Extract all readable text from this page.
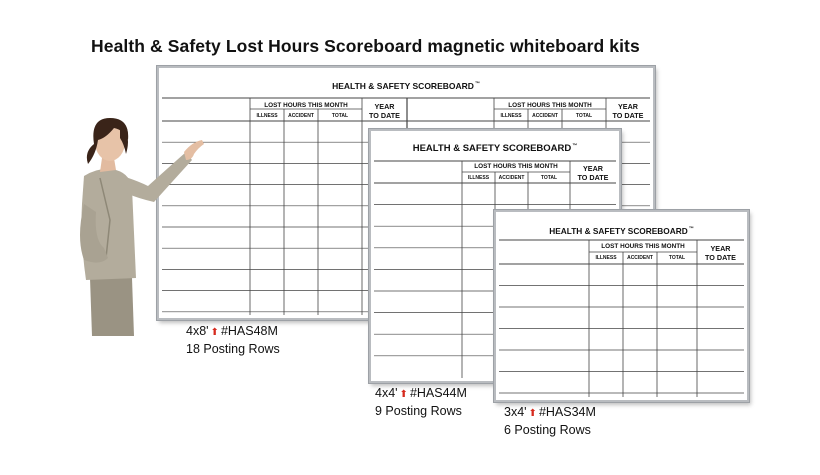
Health & Safety Lost Hours Scoreboard magnetic whiteboard kits
HEALTH & SAFETY SCOREBOARD™
LOST HOURS THIS MONTH
ILLNESS	ACCIDENT	TOTAL
YEAR
TO DATE
LOST HOURS THIS MONTH
ILLNESS	ACCIDENT	TOTAL
YEAR
TO DATE
HEALTH & SAFETY SCOREBOARD™
LOST HOURS THIS MONTH
ILLNESS	ACCIDENT	TOTAL
YEAR
TO DATE
HEALTH & SAFETY SCOREBOARD™
LOST HOURS THIS MONTH
ILLNESS	ACCIDENT	TOTAL
YEAR
TO DATE
4x8' ⬆ #HAS48M
18 Posting Rows
4x4' ⬆ #HAS44M
9 Posting Rows	3x4' ⬆ #HAS34M
6 Posting Rows
